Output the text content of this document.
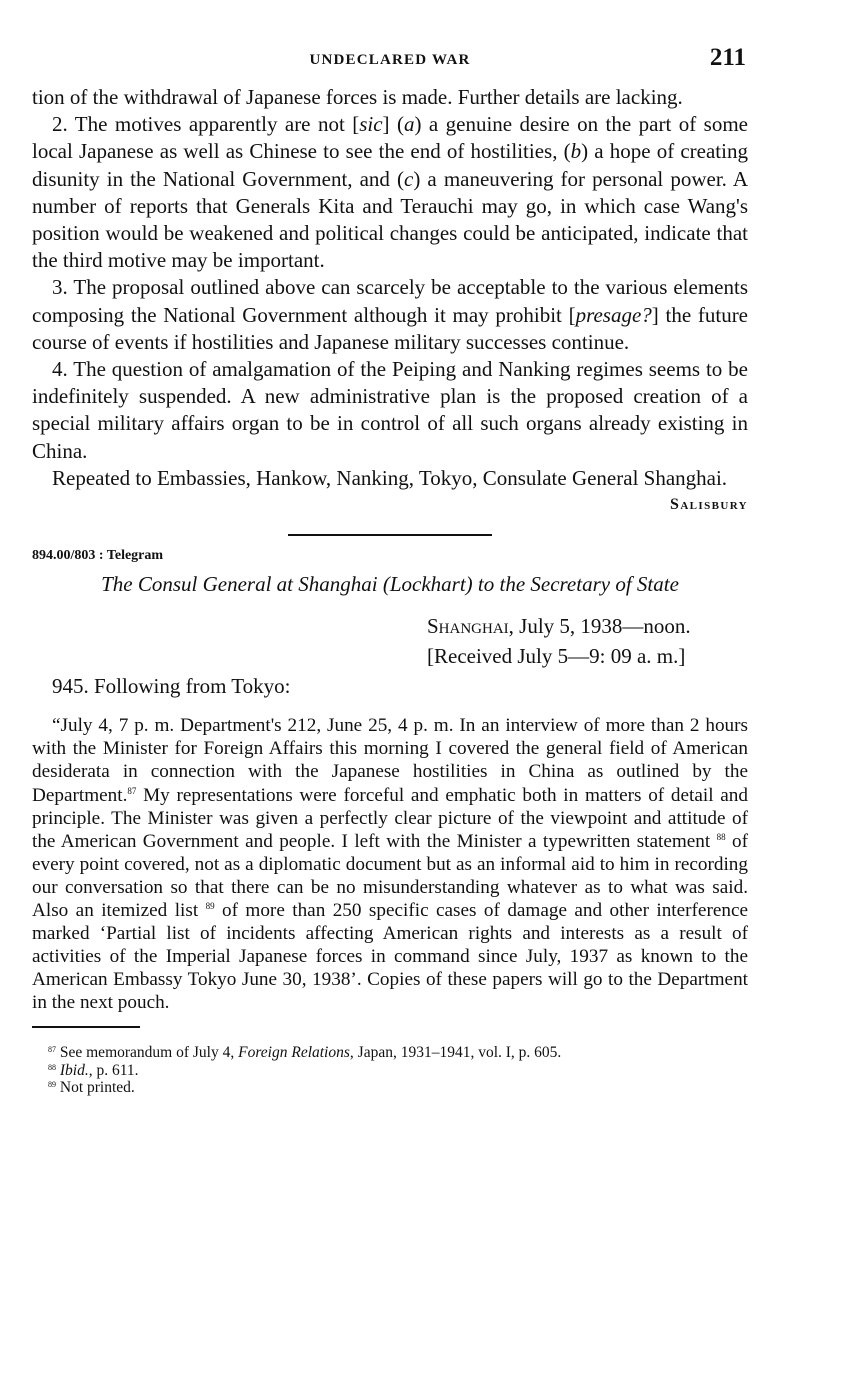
UNDECLARED WAR	211

tion of the withdrawal of Japanese forces is made. Further details are lacking.

2. The motives apparently are not [sic] (a) a genuine desire on the part of some local Japanese as well as Chinese to see the end of hostilities, (b) a hope of creating disunity in the National Government, and (c) a maneuvering for personal power. A number of reports that Generals Kita and Terauchi may go, in which case Wang's position would be weakened and political changes could be anticipated, indicate that the third motive may be important.

3. The proposal outlined above can scarcely be acceptable to the various elements composing the National Government although it may prohibit [presage?] the future course of events if hostilities and Japanese military successes continue.

4. The question of amalgamation of the Peiping and Nanking regimes seems to be indefinitely suspended. A new administrative plan is the proposed creation of a special military affairs organ to be in control of all such organs already existing in China.

Repeated to Embassies, Hankow, Nanking, Tokyo, Consulate General Shanghai.

Salisbury

894.00/803 : Telegram

The Consul General at Shanghai (Lockhart) to the Secretary of State
Shanghai, July 5, 1938—noon.
[Received July 5—9: 09 a. m.]

945. Following from Tokyo:

“July 4, 7 p. m. Department's 212, June 25, 4 p. m. In an interview of more than 2 hours with the Minister for Foreign Affairs this morning I covered the general field of American desiderata in connection with the Japanese hostilities in China as outlined by the Department.$^{87}$ My representations were forceful and emphatic both in matters of detail and principle. The Minister was given a perfectly clear picture of the viewpoint and attitude of the American Government and people. I left with the Minister a typewritten statement $^{88}$ of every point covered, not as a diplomatic document but as an informal aid to him in recording our conversation so that there can be no misunderstanding whatever as to what was said. Also an itemized list $^{89}$ of more than 250 specific cases of damage and other interference marked ‘Partial list of incidents affecting American rights and interests as a result of activities of the Imperial Japanese forces in command since July, 1937 as known to the American Embassy Tokyo June 30, 1938’. Copies of these papers will go to the Department in the next pouch.

$^{87}$ See memorandum of July 4, Foreign Relations, Japan, 1931–1941, vol. I, p. 605.

$^{88}$ Ibid., p. 611.

$^{89}$ Not printed.
